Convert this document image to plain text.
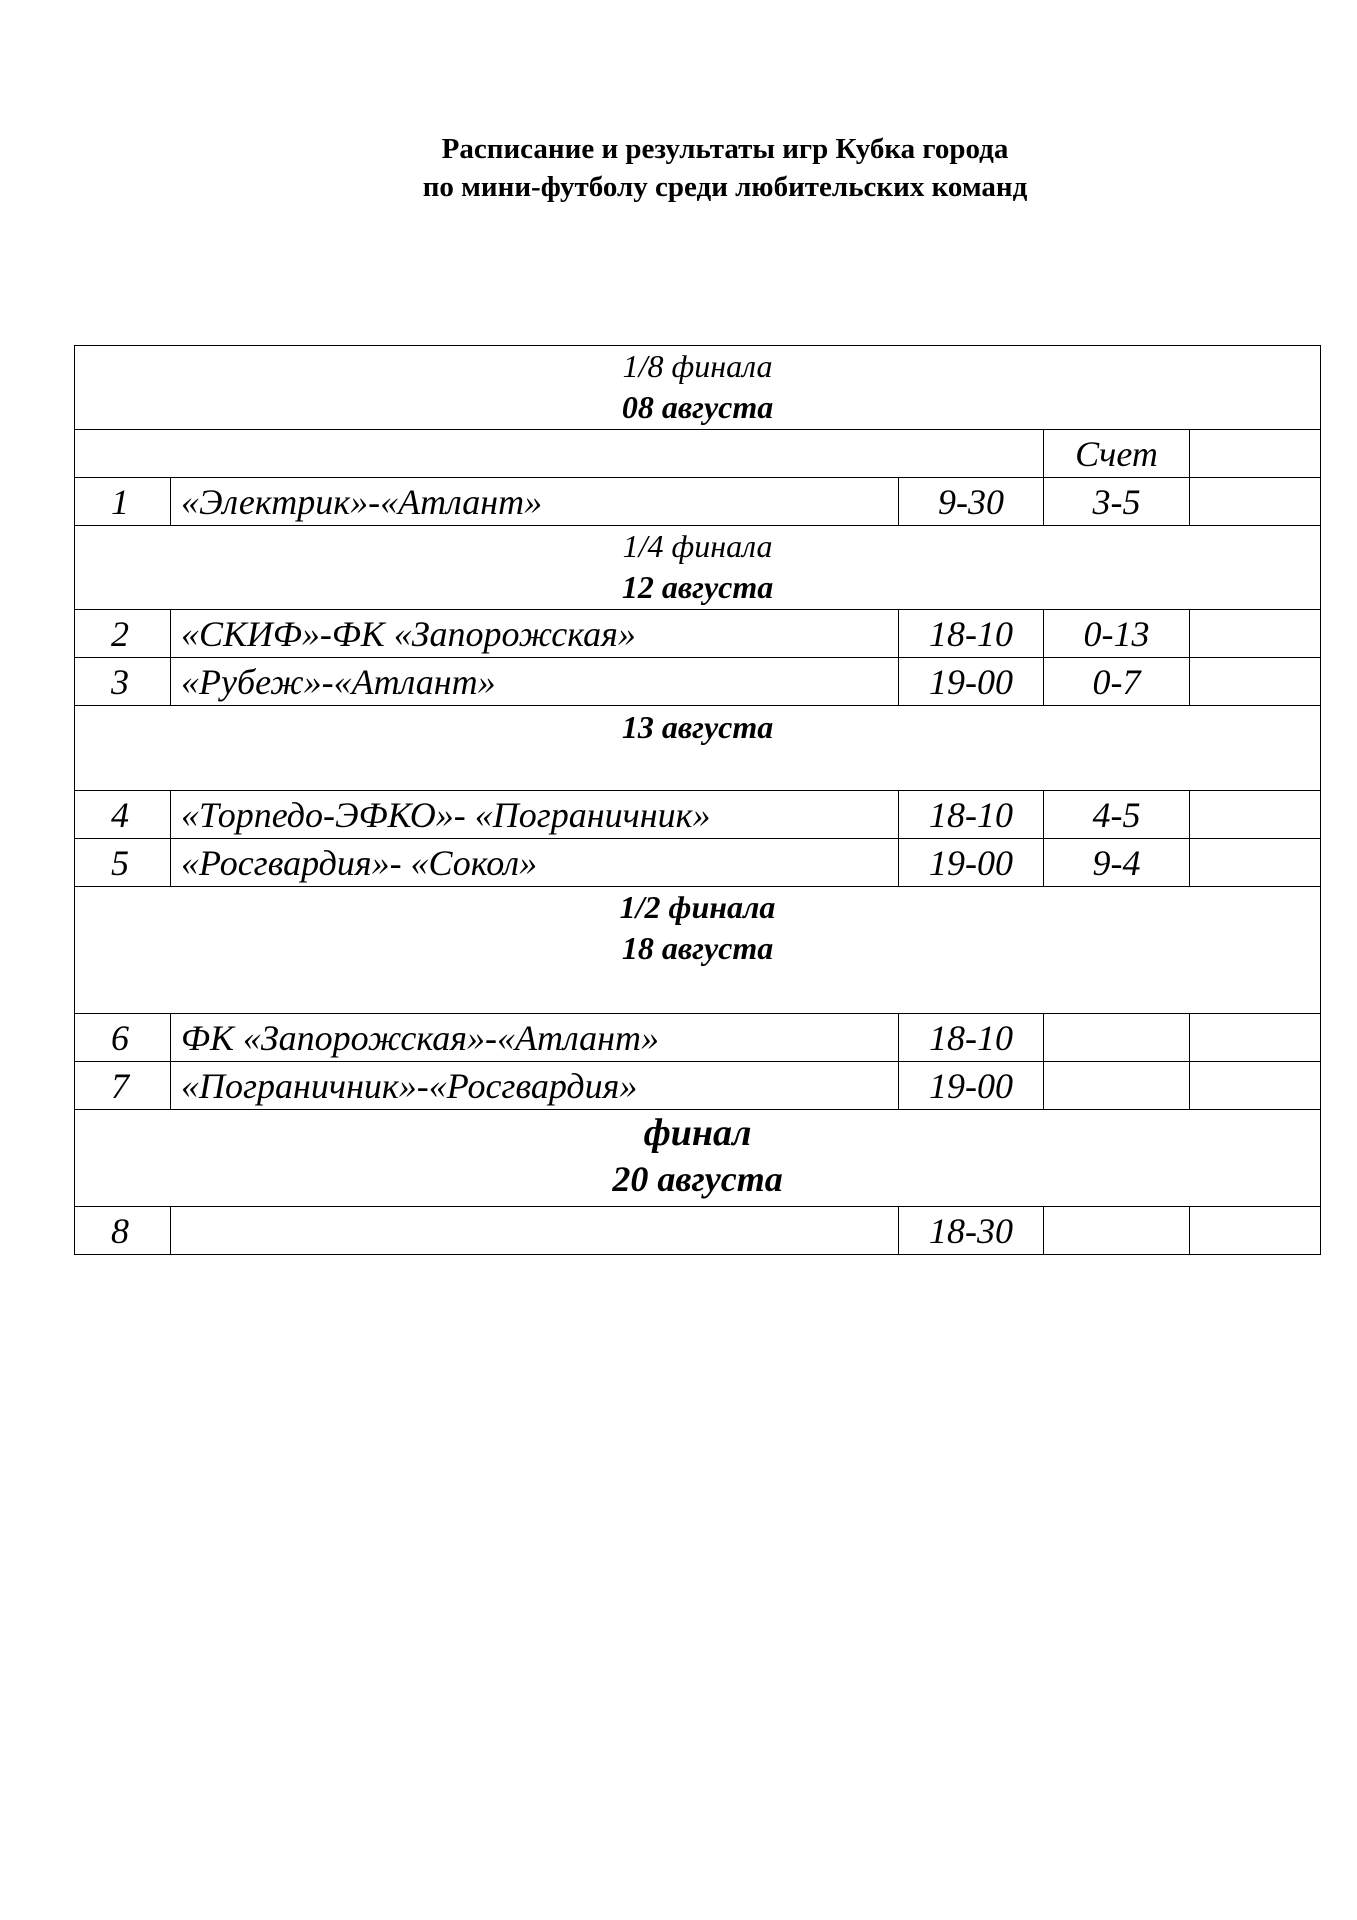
Расписание и результаты игр Кубка города
по мини-футболу среди любительских команд
1/8 финала
08 августа				

			Счет	
1	«Электрик»-«Атлант»	9-30	3-5	

1/4 финала
12 августа				

2	«СКИФ»-ФК «Запорожская»	18-10	0-13	
3	«Рубеж»-«Атлант»	19-00	0-7	

13 августа				

4	«Торпедо-ЭФКО»- «Пограничник»	18-10	4-5	
5	«Росгвардия»- «Сокол»	19-00	9-4	

1/2 финала
18 августа				

6	ФК «Запорожская»-«Атлант»	18-10		
7	«Пограничник»-«Росгвардия»	19-00		

финал
20 августа				

8		18-30		
